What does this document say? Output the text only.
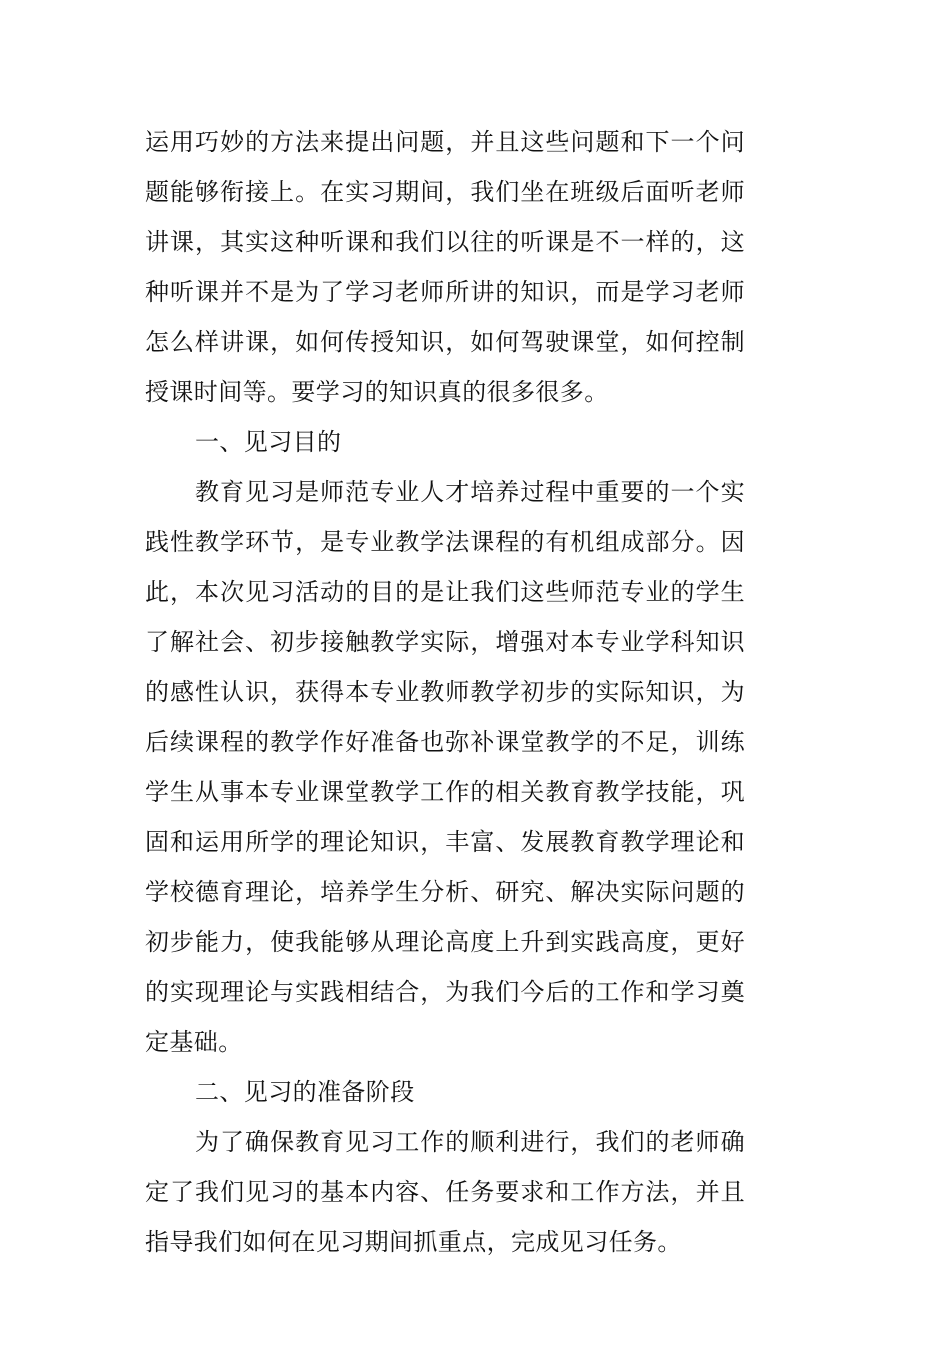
运用巧妙的方法来提出问题，并且这些问题和下一个问题能够衔接上。在实习期间，我们坐在班级后面听老师讲课，其实这种听课和我们以往的听课是不一样的，这种听课并不是为了学习老师所讲的知识，而是学习老师怎么样讲课，如何传授知识，如何驾驶课堂，如何控制授课时间等。要学习的知识真的很多很多。

一、见习目的

教育见习是师范专业人才培养过程中重要的一个实践性教学环节，是专业教学法课程的有机组成部分。因此，本次见习活动的目的是让我们这些师范专业的学生了解社会、初步接触教学实际，增强对本专业学科知识的感性认识，获得本专业教师教学初步的实际知识，为后续课程的教学作好准备也弥补课堂教学的不足，训练学生从事本专业课堂教学工作的相关教育教学技能，巩固和运用所学的理论知识，丰富、发展教育教学理论和学校德育理论，培养学生分析、研究、解决实际问题的初步能力，使我能够从理论高度上升到实践高度，更好的实现理论与实践相结合，为我们今后的工作和学习奠定基础。

二、见习的准备阶段

为了确保教育见习工作的顺利进行，我们的老师确定了我们见习的基本内容、任务要求和工作方法，并且指导我们如何在见习期间抓重点，完成见习任务。
